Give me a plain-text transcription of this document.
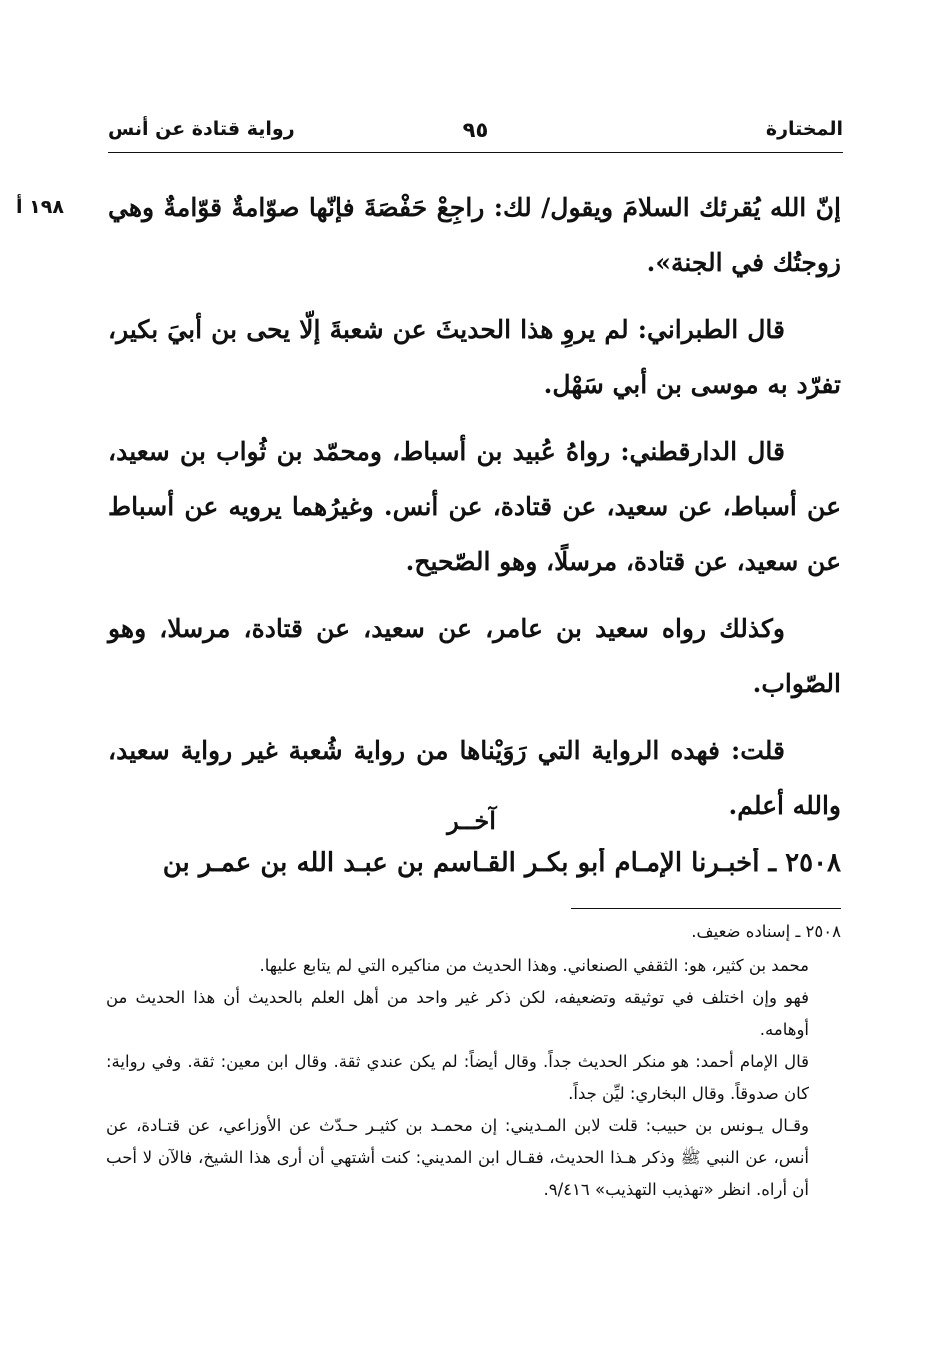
المختارة
٩٥
رواية قتادة عن أنس
١٩٨ أ إنّ الله يُقرئك السلامَ ويقول/ لك: راجِعْ حَفْصَةَ فإنّها صوّامةٌ قوّامةٌ وهي زوجتُك في الجنة».

قال الطبراني: لم يروِ هذا الحديثَ عن شعبةَ إلّا يحى بن أبيَ بكير، تفرّد به موسى بن أبي سَهْل.

قال الدارقطني: رواهُ عُبيد بن أسباط، ومحمّد بن ثُواب بن سعيد، عن أسباط، عن سعيد، عن قتادة، عن أنس. وغيرُهما يرويه عن أسباط عن سعيد، عن قتادة، مرسلًا، وهو الصّحيح.

وكذلك رواه سعيد بن عامر، عن سعيد، عن قتادة، مرسلا، وهو الصّواب.

قلت: فهده الرواية التي رَوَيْناها من رواية شُعبة غير رواية سعيد، والله أعلم.

آخــر
٢٥٠٨ ـ أخبـرنا الإمـام أبو بكـر القـاسم بن عبـد الله بن عمـر بن

٢٥٠٨ ـ إسناده ضعيف.

محمد بن كثير، هو: الثقفي الصنعاني. وهذا الحديث من مناكيره التي لم يتابع عليها.

فهو وإن اختلف في توثيقه وتضعيفه، لكن ذكر غير واحد من أهل العلم بالحديث أن هذا الحديث من أوهامه.

قال الإمام أحمد: هو منكر الحديث جداً. وقال أيضاً: لم يكن عندي ثقة. وقال ابن معين: ثقة. وفي رواية: كان صدوقاً. وقال البخاري: ليِّن جداً.

وقـال يـونس بن حبيب: قلت لابن المـديني: إن محمـد بن كثيـر حـدّث عن الأوزاعي، عن قتـادة، عن أنس، عن النبي ﷺ وذكر هـذا الحديث، فقـال ابن المديني: كنت أشتهي أن أرى هذا الشيخ، فالآن لا أحب أن أراه. انظر «تهذيب التهذيب» ٩/٤١٦.
